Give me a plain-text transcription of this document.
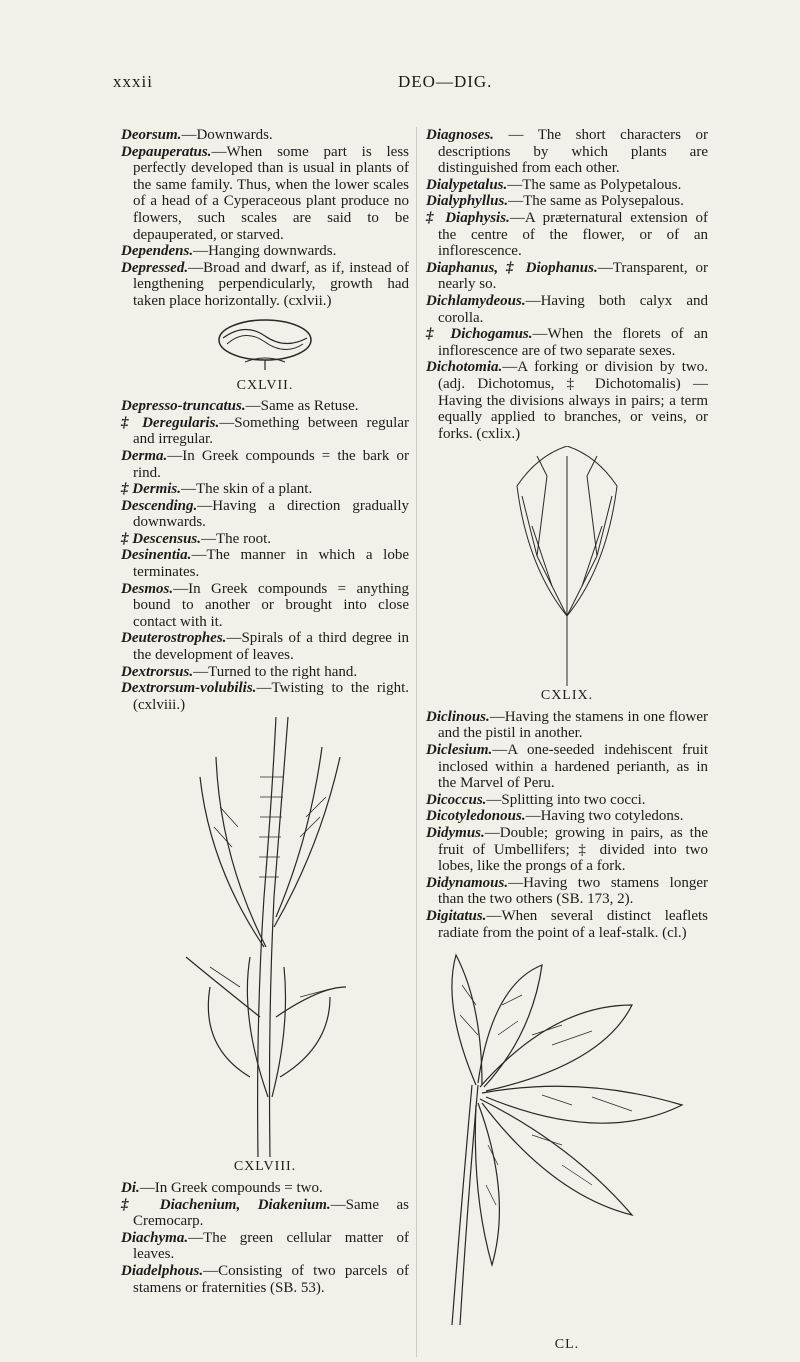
xxxii	DEO—DIG.

Deorsum.—Downwards.

Depauperatus.—When some part is less perfectly developed than is usual in plants of the same family. Thus, when the lower scales of a head of a Cyperaceous plant produce no flowers, such scales are said to be depauperated, or starved.

Dependens.—Hanging downwards.

Depressed.—Broad and dwarf, as if, instead of lengthening perpendicularly, growth had taken place horizontally. (cxlvii.)

CXLVII.

Depresso-truncatus.—Same as Retuse.

‡ Deregularis.—Something between regular and irregular.

Derma.—In Greek compounds = the bark or rind.

‡ Dermis.—The skin of a plant.

Descending.—Having a direction gradually downwards.

‡ Descensus.—The root.

Desinentia.—The manner in which a lobe terminates.

Desmos.—In Greek compounds = anything bound to another or brought into close contact with it.

Deuterostrophes.—Spirals of a third degree in the development of leaves.

Dextrorsus.—Turned to the right hand.

Dextrorsum-volubilis.—Twisting to the right. (cxlviii.)

CXLVIII.

Di.—In Greek compounds = two.

‡ Diachenium, Diakenium.—Same as Cremocarp.

Diachyma.—The green cellular matter of leaves.

Diadelphous.—Consisting of two parcels of stamens or fraternities (SB. 53).

Diagnoses. — The short characters or descriptions by which plants are distinguished from each other.

Dialypetalus.—The same as Polypetalous.

Dialyphyllus.—The same as Polysepalous.

‡ Diaphysis.—A præternatural extension of the centre of the flower, or of an inflorescence.

Diaphanus, ‡ Diophanus.—Transparent, or nearly so.

Dichlamydeous.—Having both calyx and corolla.

‡ Dichogamus.—When the florets of an inflorescence are of two separate sexes.

Dichotomia.—A forking or division by two. (adj. Dichotomus, ‡ Dichotomalis) — Having the divisions always in pairs; a term equally applied to branches, or veins, or forks. (cxlix.)

CXLIX.

Diclinous.—Having the stamens in one flower and the pistil in another.

Diclesium.—A one-seeded indehiscent fruit inclosed within a hardened perianth, as in the Marvel of Peru.

Dicoccus.—Splitting into two cocci.

Dicotyledonous.—Having two cotyledons.

Didymus.—Double; growing in pairs, as the fruit of Umbellifers; ‡ divided into two lobes, like the prongs of a fork.

Didynamous.—Having two stamens longer than the two others (SB. 173, 2).

Digitatus.—When several distinct leaflets radiate from the point of a leaf-stalk. (cl.)

CL.
